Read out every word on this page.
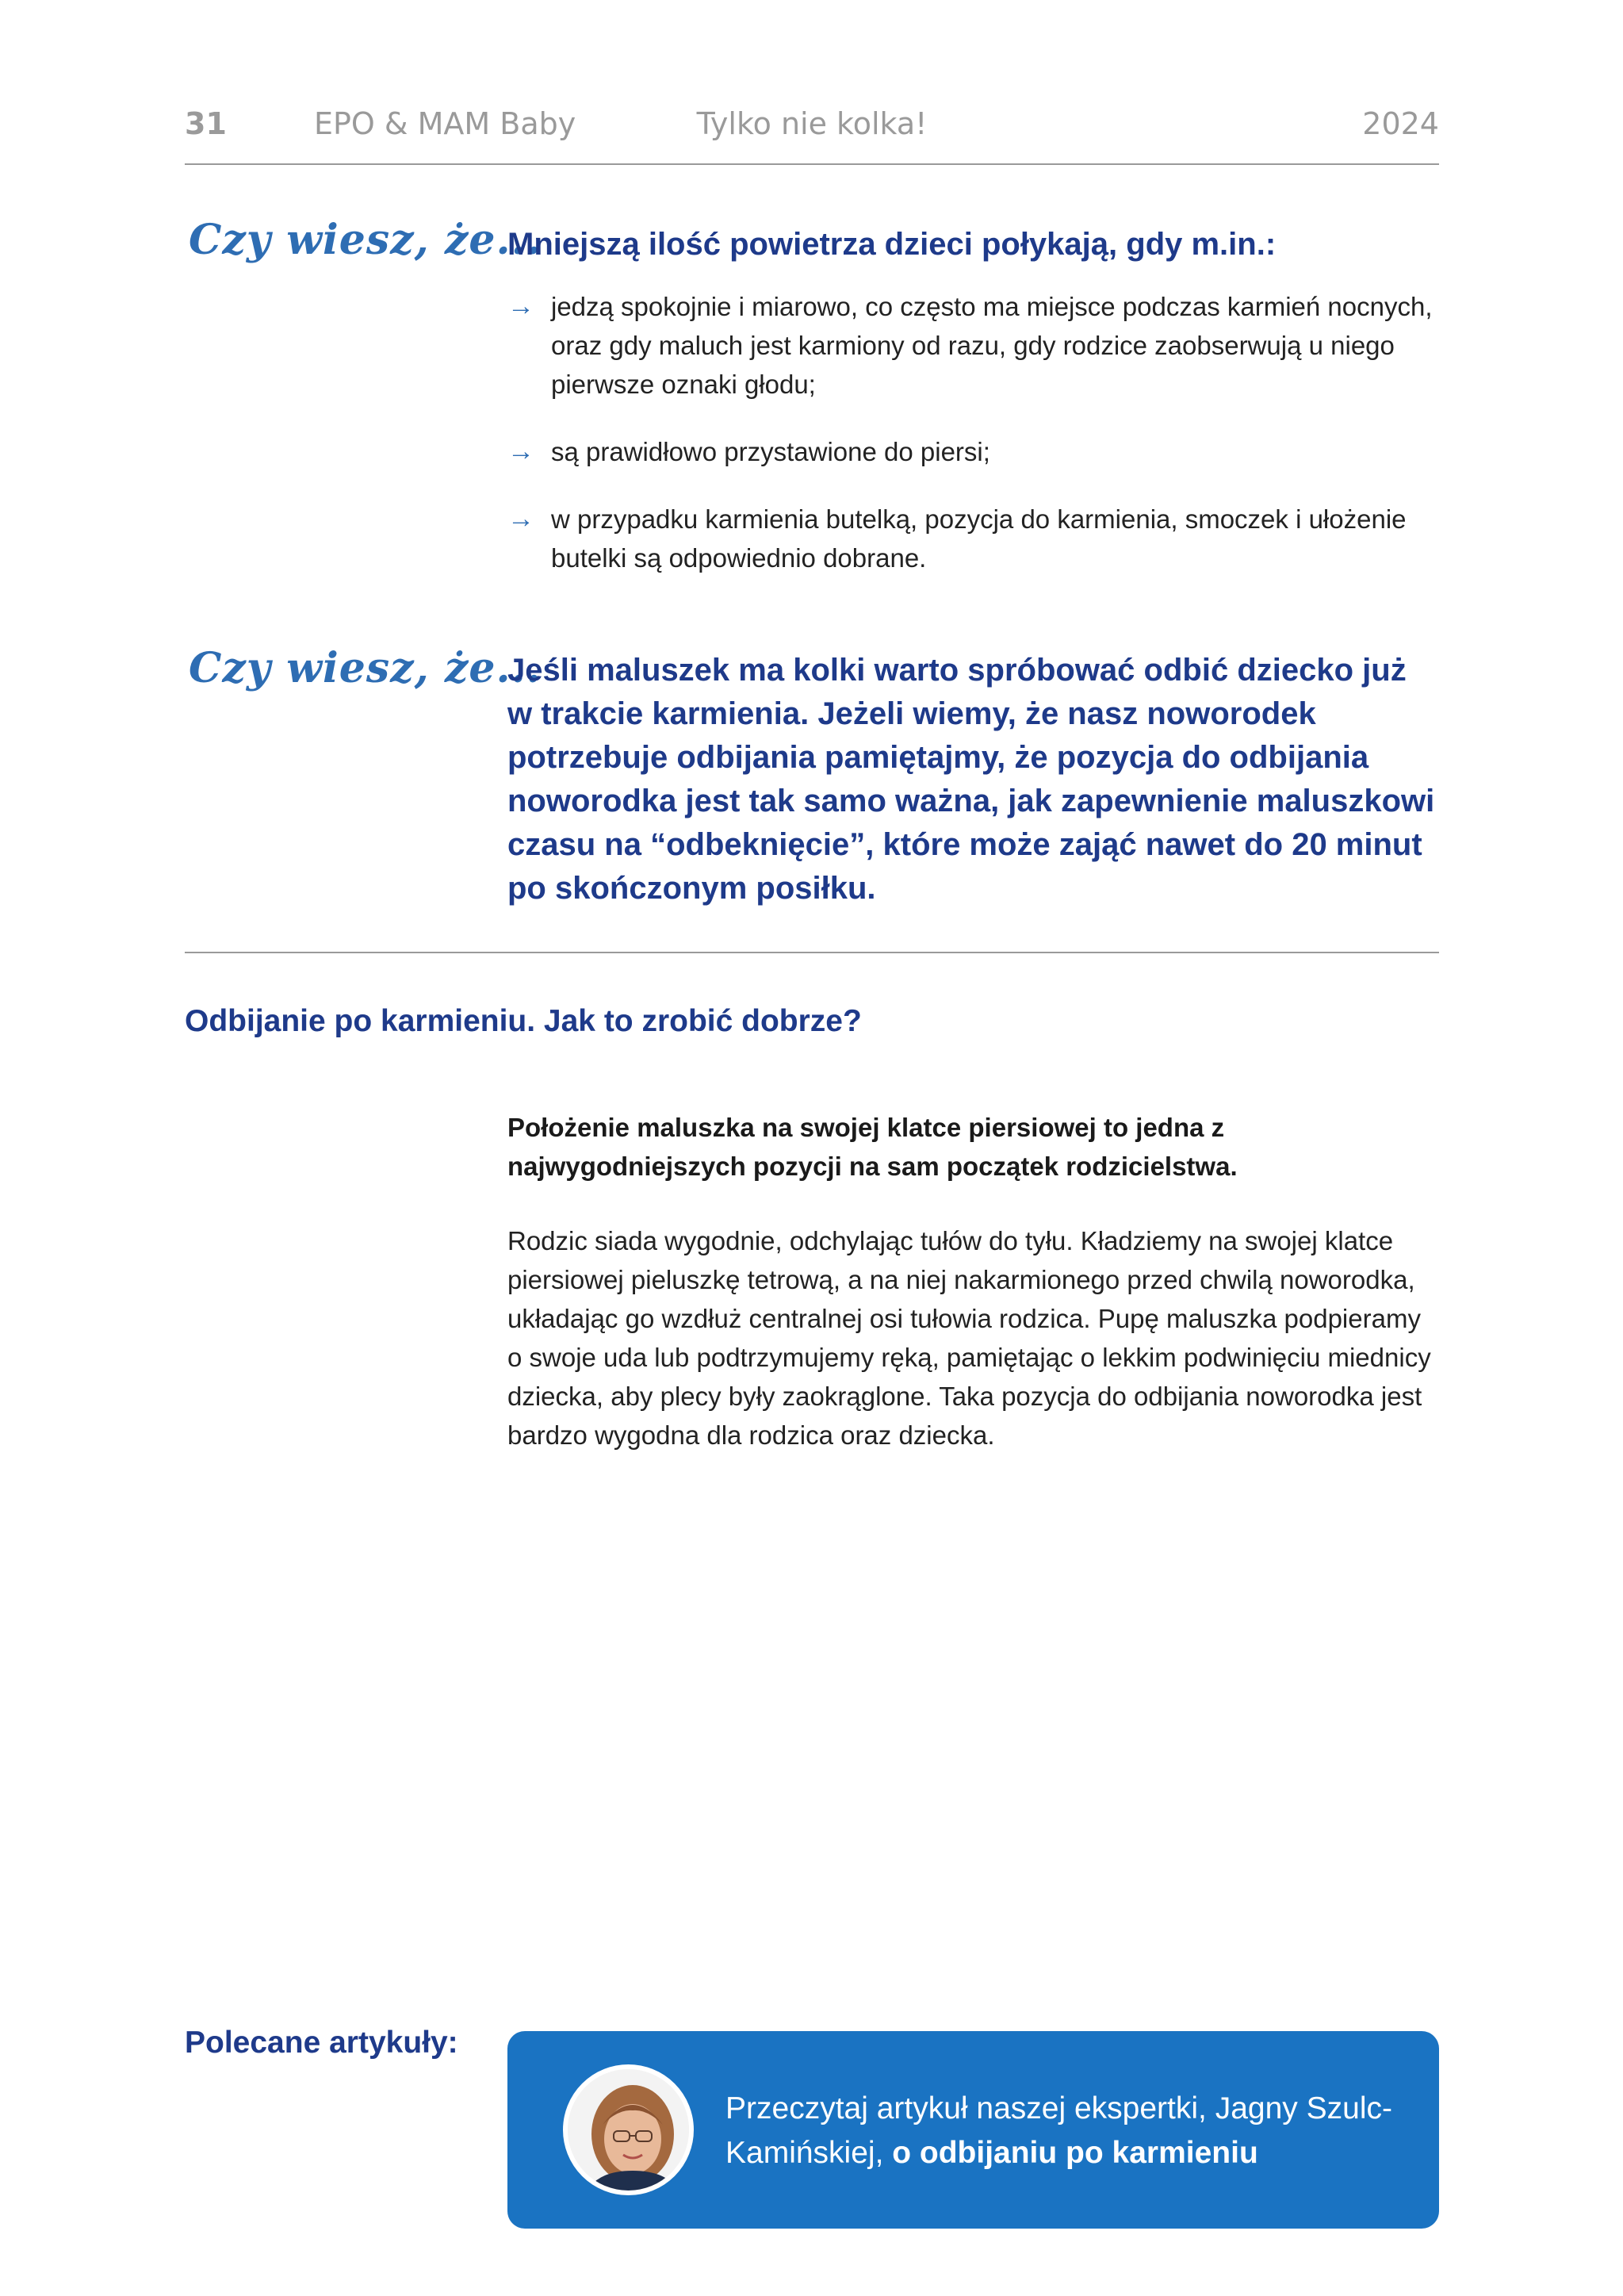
31	EPO & MAM Baby	Tylko nie kolka!	2024
Czy wiesz, że...
Mniejszą ilość powietrza dzieci połykają, gdy m.in.:
→ jedzą spokojnie i miarowo, co często ma miejsce podczas karmień nocnych, oraz gdy maluch jest karmiony od razu, gdy rodzice zaobserwują u niego pierwsze oznaki głodu;
→ są prawidłowo przystawione do piersi;
→ w przypadku karmienia butelką, pozycja do karmienia, smoczek i ułożenie butelki są odpowiednio dobrane.
Czy wiesz, że...

Jeśli maluszek ma kolki warto spróbować odbić dziecko już w trakcie karmienia. Jeżeli wiemy, że nasz noworodek potrzebuje odbijania pamiętajmy, że pozycja do odbijania noworodka jest tak samo ważna, jak zapewnienie maluszkowi czasu na “odbeknięcie”, które może zająć nawet do 20 minut po skończonym posiłku.

Odbijanie po karmieniu. Jak to zrobić dobrze?

Położenie maluszka na swojej klatce piersiowej to jedna z najwygodniejszych pozycji na sam początek rodzicielstwa.

Rodzic siada wygodnie, odchylając tułów do tyłu. Kładziemy na swojej klatce piersiowej pieluszkę tetrową, a na niej nakarmionego przed chwilą noworodka, układając go wzdłuż centralnej osi tułowia rodzica. Pupę maluszka podpieramy o swoje uda lub podtrzymujemy ręką, pamiętając o lekkim podwinięciu miednicy dziecka, aby plecy były zaokrąglone. Taka pozycja do odbijania noworodka jest bardzo wygodna dla rodzica oraz dziecka.

Polecane artykuły:
Przeczytaj artykuł naszej ekspertki, Jagny Szulc-Kamińskiej, o odbijaniu po karmieniu
